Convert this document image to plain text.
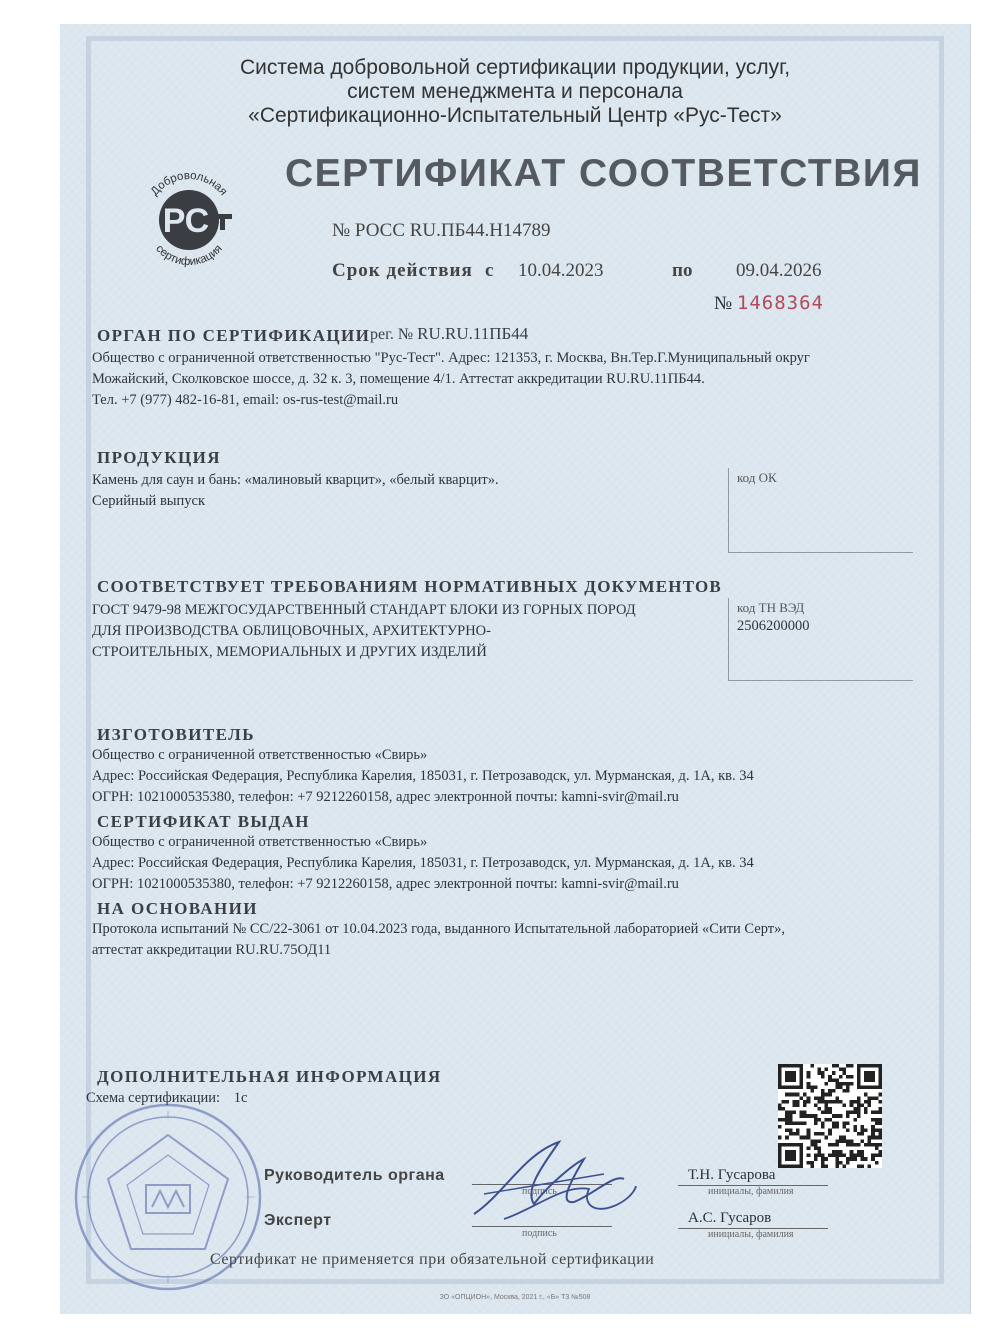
Система добровольной сертификации продукции, услуг,
систем менеджмента и персонала
«Сертификационно-Испытательный Центр «Рус-Тест»
Добровольная
сертификация
РС
СЕРТИФИКАТ СООТВЕТСТВИЯ
№ РОСС RU.ПБ44.Н14789
Срок действия с 10.04.2023	по 09.04.2026
№ 1468364
ОРГАН ПО СЕРТИФИКАЦИИ рег. № RU.RU.11ПБ44
Общество с ограниченной ответственностью "Рус-Тест". Адрес: 121353, г. Москва, Вн.Тер.Г.Муниципальный округ
Можайский, Сколковское шоссе, д. 32 к. 3, помещение 4/1. Аттестат аккредитации RU.RU.11ПБ44.
Тел. +7 (977) 482-16-81, email: os-rus-test@mail.ru
ПРОДУКЦИЯ
Камень для саун и бань: «малиновый кварцит», «белый кварцит».
Серийный выпуск
код ОК
СООТВЕТСТВУЕТ ТРЕБОВАНИЯМ НОРМАТИВНЫХ ДОКУМЕНТОВ
ГОСТ 9479-98 МЕЖГОСУДАРСТВЕННЫЙ СТАНДАРТ БЛОКИ ИЗ ГОРНЫХ ПОРОД
ДЛЯ ПРОИЗВОДСТВА ОБЛИЦОВОЧНЫХ, АРХИТЕКТУРНО-
СТРОИТЕЛЬНЫХ, МЕМОРИАЛЬНЫХ И ДРУГИХ ИЗДЕЛИЙ
код ТН ВЭД
2506200000
ИЗГОТОВИТЕЛЬ
Общество с ограниченной ответственностью «Свирь»
Адрес: Российская Федерация, Республика Карелия, 185031, г. Петрозаводск, ул. Мурманская, д. 1А, кв. 34
ОГРН: 1021000535380, телефон: +7 9212260158, адрес электронной почты: kamni-svir@mail.ru
СЕРТИФИКАТ ВЫДАН
Общество с ограниченной ответственностью «Свирь»
Адрес: Российская Федерация, Республика Карелия, 185031, г. Петрозаводск, ул. Мурманская, д. 1А, кв. 34
ОГРН: 1021000535380, телефон: +7 9212260158, адрес электронной почты: kamni-svir@mail.ru
НА ОСНОВАНИИ
Протокола испытаний № СС/22-3061 от 10.04.2023 года, выданного Испытательной лабораторией «Сити Серт»,
аттестат аккредитации RU.RU.75ОД11
ДОПОЛНИТЕЛЬНАЯ ИНФОРМАЦИЯ
Схема сертификации: 1с
Руководитель органа
Эксперт
подпись
подпись
Т.Н. Гусарова
инициалы, фамилия
А.С. Гусаров
инициалы, фамилия
Сертификат не применяется при обязательной сертификации
ЗО «ОПЦИОН», Москва, 2021 г., «Б» Т3 №508
